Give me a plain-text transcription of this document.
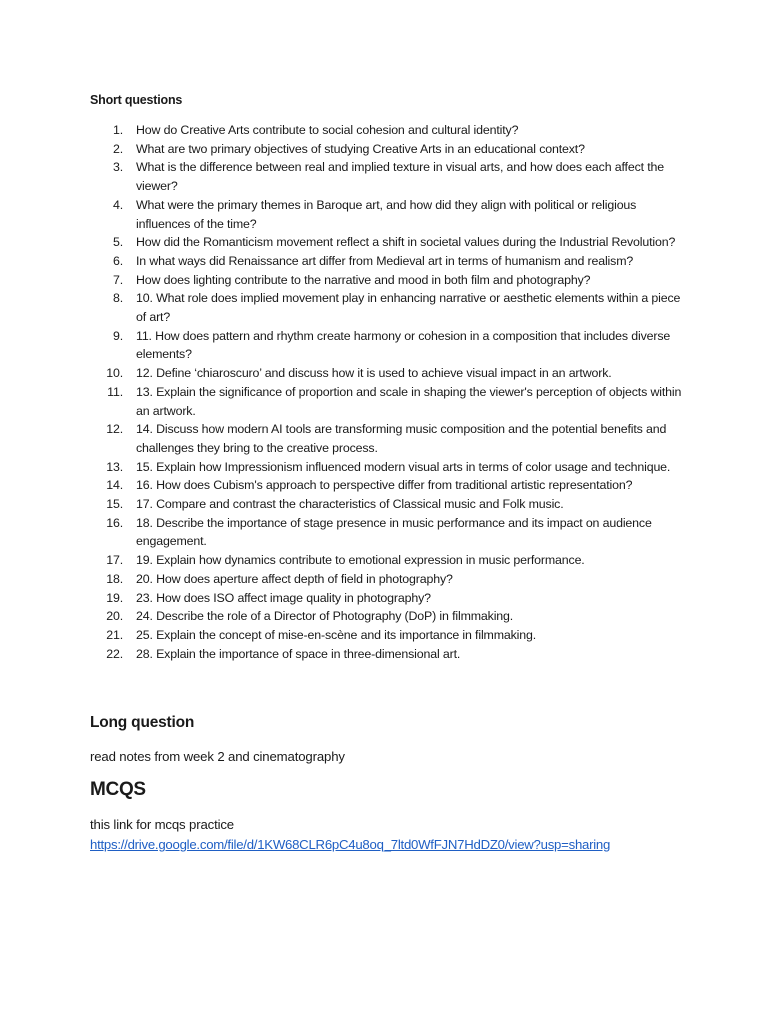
Short questions
1. How do Creative Arts contribute to social cohesion and cultural identity?
2. What are two primary objectives of studying Creative Arts in an educational context?
3. What is the difference between real and implied texture in visual arts, and how does each affect the viewer?
4. What were the primary themes in Baroque art, and how did they align with political or religious influences of the time?
5. How did the Romanticism movement reflect a shift in societal values during the Industrial Revolution?
6. In what ways did Renaissance art differ from Medieval art in terms of humanism and realism?
7. How does lighting contribute to the narrative and mood in both film and photography?
8. 10. What role does implied movement play in enhancing narrative or aesthetic elements within a piece of art?
9. 11. How does pattern and rhythm create harmony or cohesion in a composition that includes diverse elements?
10. 12. Define ‘chiaroscuro’ and discuss how it is used to achieve visual impact in an artwork.
11. 13. Explain the significance of proportion and scale in shaping the viewer's perception of objects within an artwork.
12. 14. Discuss how modern AI tools are transforming music composition and the potential benefits and challenges they bring to the creative process.
13. 15. Explain how Impressionism influenced modern visual arts in terms of color usage and technique.
14. 16. How does Cubism's approach to perspective differ from traditional artistic representation?
15. 17. Compare and contrast the characteristics of Classical music and Folk music.
16. 18. Describe the importance of stage presence in music performance and its impact on audience engagement.
17. 19. Explain how dynamics contribute to emotional expression in music performance.
18. 20. How does aperture affect depth of field in photography?
19. 23. How does ISO affect image quality in photography?
20. 24. Describe the role of a Director of Photography (DoP) in filmmaking.
21. 25. Explain the concept of mise-en-scène and its importance in filmmaking.
22. 28. Explain the importance of space in three-dimensional art.
Long question
read notes from week 2 and cinematography
MCQS
this link for mcqs practice
https://drive.google.com/file/d/1KW68CLR6pC4u8oq_7ltd0WfFJN7HdDZ0/view?usp=sharing
